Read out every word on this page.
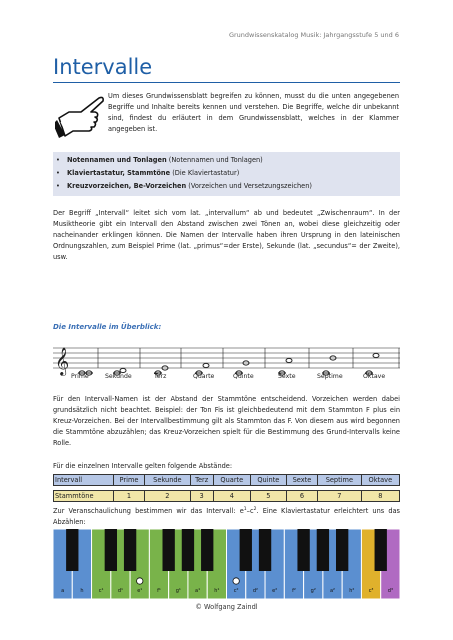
Grundwissenskatalog Musik: Jahrgangsstufe 5 und 6
Intervalle
Um dieses Grundwissensblatt begreifen zu können, musst du die unten angegebenen Begriffe und Inhalte bereits kennen und verstehen. Die Begriffe, welche dir unbekannt sind, findest du erläutert in dem Grundwissensblatt, welches in der Klammer angegeben ist.
• Notennamen und Tonlagen (Notennamen und Tonlagen)
• Klaviertastatur, Stammtöne (Die Klaviertastatur)
• Kreuzvorzeichen, Be-Vorzeichen (Vorzeichen und Versetzungszeichen)
Der Begriff „Intervall“ leitet sich vom lat. „intervallum“ ab und bedeutet „Zwischenraum“. In der Musiktheorie gibt ein Intervall den Abstand zwischen zwei Tönen an, wobei diese gleichzeitig oder nacheinander erklingen können. Die Namen der Intervalle haben ihren Ursprung in den lateinischen Ordnungszahlen, zum Beispiel Prime (lat. „primus“=der Erste), Sekunde (lat. „secundus“= der Zweite), usw.
Die Intervalle im Überblick:
𝄞
Prime	Sekunde	Terz	Quarte	Quinte	Sexte	Septime	Oktave
Für den Intervall-Namen ist der Abstand der Stammtöne entscheidend. Vorzeichen werden dabei grundsätzlich nicht beachtet. Beispiel: der Ton Fis ist gleichbedeutend mit dem Stammton F plus ein Kreuz-Vorzeichen. Bei der Intervallbestimmung gilt als Stammton das F. Von diesem aus wird begonnen die Stammtöne abzuzählen; das Kreuz-Vorzeichen spielt für die Bestimmung des Grund-Intervalls keine Rolle.
Für die einzelnen Intervalle gelten folgende Abstände:
Intervall	Prime	Sekunde	Terz	Quarte	Quinte	Sexte	Septime	Oktave

Stammtöne	1	2	3	4	5	6	7	8
Zur Veranschaulichung bestimmen wir das Intervall: $e^1-c^2$. Eine Klaviertastatur erleichtert uns das Abzählen:
a	h	c¹	d¹	e¹	f¹	g¹	a¹	h¹	c²	d²	e²	f²	g²	a²	h²	c³	d³
© Wolfgang Zaindl
